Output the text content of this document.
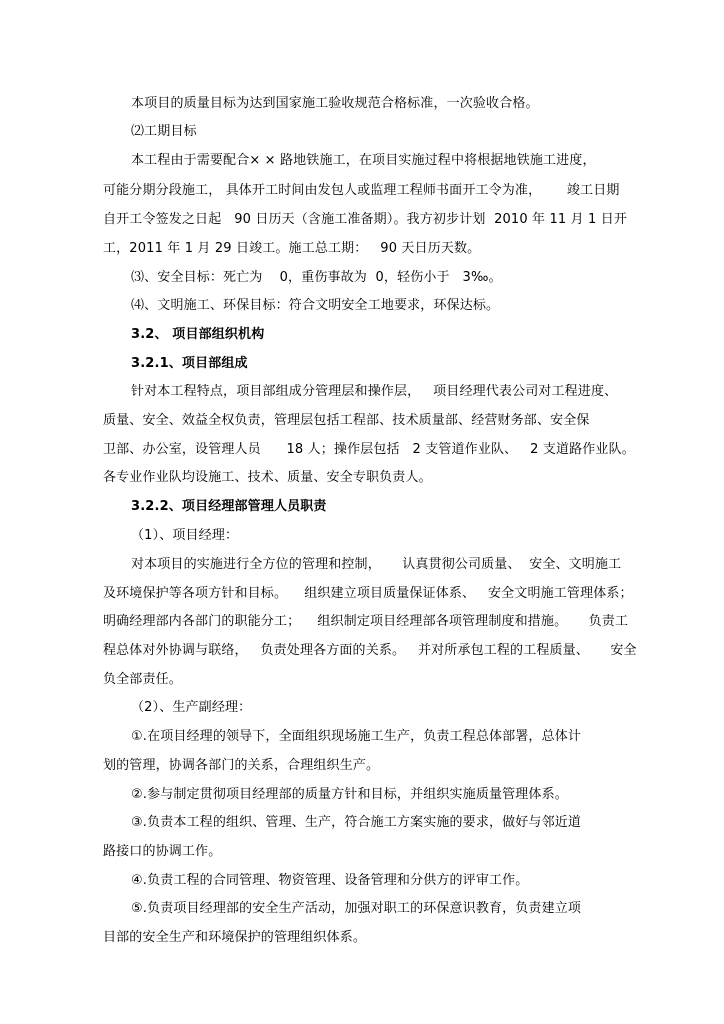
本项目的质量目标为达到国家施工验收规范合格标准，一次验收合格。
⑵工期目标
本工程由于需要配合× × 路地铁施工，在项目实施过程中将根据地铁施工进度，
可能分期分段施工， 具体开工时间由发包人或监理工程师书面开工令为准，      竣工日期
自开工令签发之日起   90 日历天（含施工准备期）。我方初步计划  2010 年 11 月 1 日开
工，2011 年 1 月 29 日竣工。施工总工期：   90 天日历天数。
⑶、安全目标：死亡为    0，重伤事故为  0，轻伤小于   3‰。
⑷、文明施工、环保目标：符合文明安全工地要求，环保达标。
3.2、 项目部组织机构
3.2.1、项目部组成
针对本工程特点，项目部组成分管理层和操作层，   项目经理代表公司对工程进度、
质量、安全、效益全权负责，管理层包括工程部、技术质量部、经营财务部、安全保
卫部、办公室，设管理人员      18 人；操作层包括   2 支管道作业队、   2 支道路作业队。
各专业作业队均设施工、技术、质量、安全专职负责人。
3.2.2、项目经理部管理人员职责
（1）、项目经理：
对本项目的实施进行全方位的管理和控制，     认真贯彻公司质量、  安全、文明施工
及环境保护等各项方针和目标。    组织建立项目质量保证体系、   安全文明施工管理体系；
明确经理部内各部门的职能分工；    组织制定项目经理部各项管理制度和措施。     负责工
程总体对外协调与联络，   负责处理各方面的关系。   并对所承包工程的工程质量、     安全
负全部责任。
（2）、生产副经理：
①.在项目经理的领导下，全面组织现场施工生产，负责工程总体部署，总体计
划的管理，协调各部门的关系，合理组织生产。
②.参与制定贯彻项目经理部的质量方针和目标，并组织实施质量管理体系。
③.负责本工程的组织、管理、生产，符合施工方案实施的要求，做好与邻近道
路接口的协调工作。
④.负责工程的合同管理、物资管理、设备管理和分供方的评审工作。
⑤.负责项目经理部的安全生产活动，加强对职工的环保意识教育，负责建立项
目部的安全生产和环境保护的管理组织体系。
